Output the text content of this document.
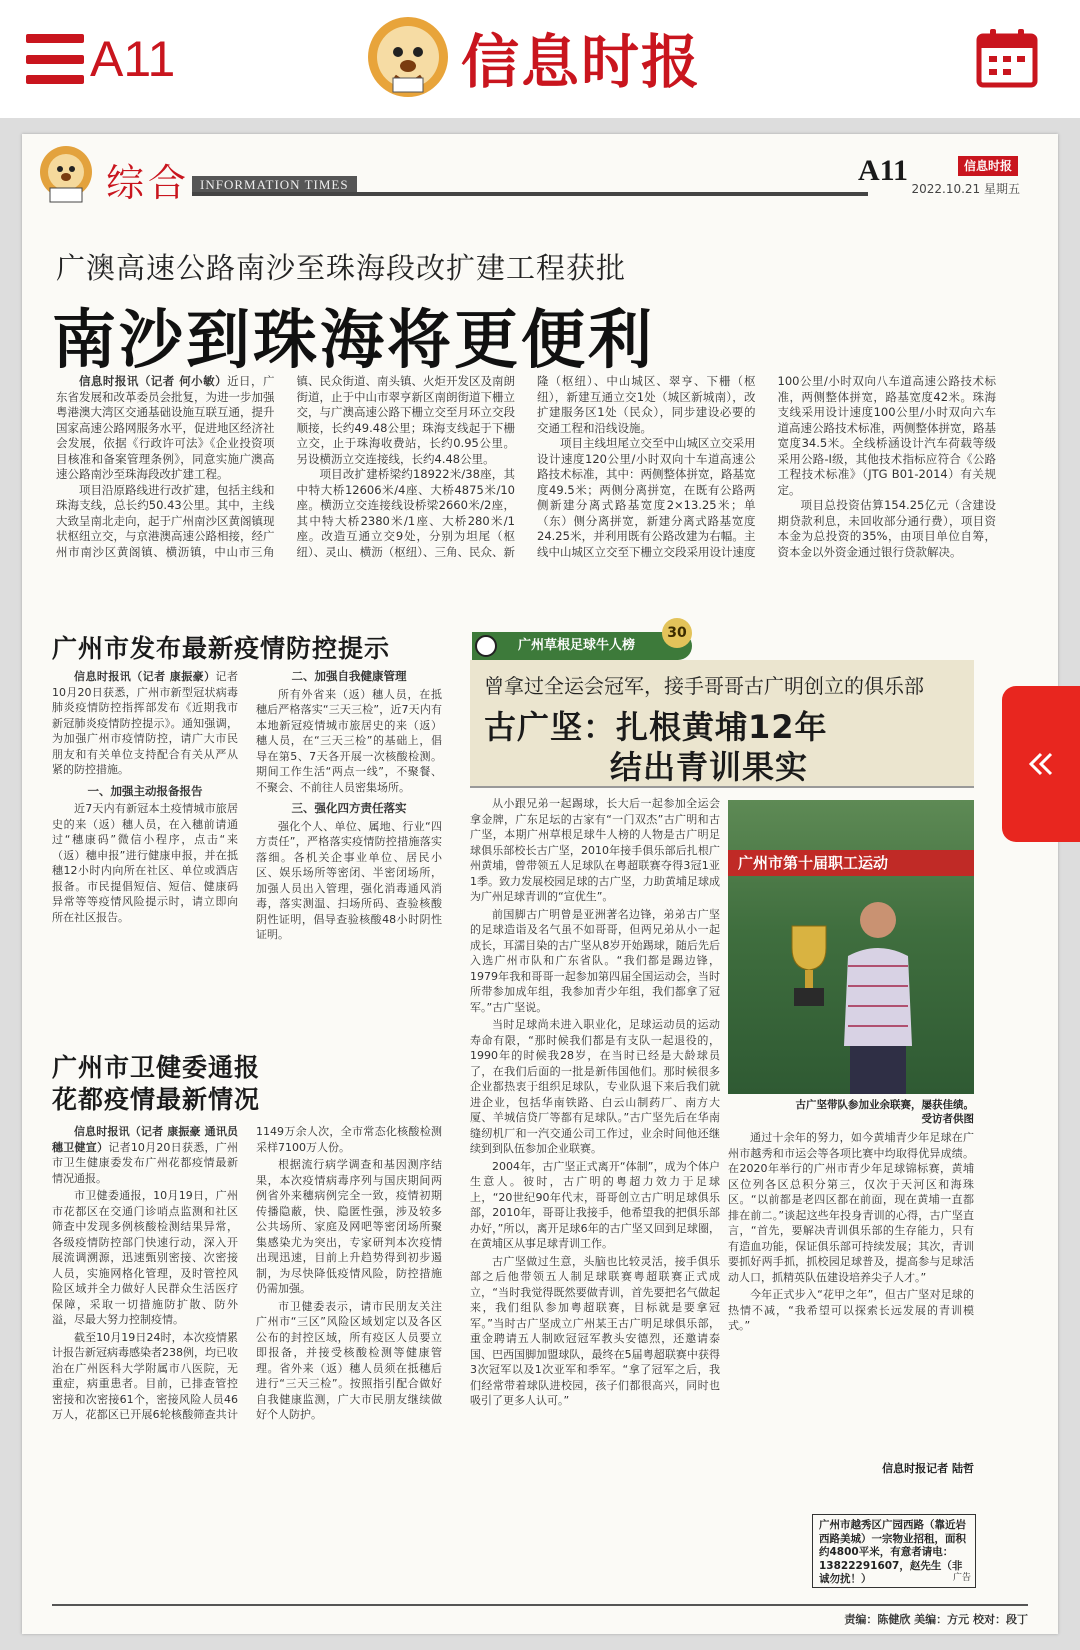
A11	信息时报
综合 INFORMATION TIMES	A11	信息时报
2022.10.21 星期五
广澳高速公路南沙至珠海段改扩建工程获批
南沙到珠海将更便利

信息时报讯（记者 何小敏）近日，广东省发展和改革委员会批复，为进一步加强粤港澳大湾区交通基础设施互联互通，提升国家高速公路网服务水平，促进地区经济社会发展，依据《行政许可法》《企业投资项目核准和备案管理条例》，同意实施广澳高速公路南沙至珠海段改扩建工程。

项目沿原路线进行改扩建，包括主线和珠海支线，总长约50.43公里。其中，主线大致呈南北走向，起于广州南沙区黄阁镇现状枢纽立交，与京港澳高速公路相接，经广州市南沙区黄阁镇、横沥镇，中山市三角镇、民众街道、南头镇、火炬开发区及南朗街道，止于中山市翠亨新区南朗街道下栅立交，与广澳高速公路下栅立交至月环立交段顺接，长约49.48公里；珠海支线起于下栅立交，止于珠海收费站，长约0.95公里。另设横沥立交连接线，长约4.48公里。

项目改扩建桥梁约18922米/38座，其中特大桥12606米/4座、大桥4875米/10座。横沥立交连接线设桥梁2660米/2座，其中特大桥2380米/1座、大桥280米/1座。改造互通立交9处，分别为坦尾（枢纽）、灵山、横沥（枢纽）、三角、民众、新隆（枢纽）、中山城区、翠亨、下栅（枢纽），新建互通立交1处（城区新城南），改扩建服务区1处（民众），同步建设必要的交通工程和沿线设施。

项目主线坦尾立交至中山城区立交采用设计速度120公里/小时双向十车道高速公路技术标准，其中：两侧整体拼宽，路基宽度49.5米；两侧分离拼宽，在既有公路两侧新建分离式路基宽度2×13.25米；单（东）侧分离拼宽，新建分离式路基宽度24.25米，并利用既有公路改建为右幅。主线中山城区立交至下栅立交段采用设计速度100公里/小时双向八车道高速公路技术标准，两侧整体拼宽，路基宽度42米。珠海支线采用设计速度100公里/小时双向六车道高速公路技术标准，两侧整体拼宽，路基宽度34.5米。全线桥涵设计汽车荷载等级采用公路-I级，其他技术指标应符合《公路工程技术标准》（JTG B01-2014）有关规定。

项目总投资估算154.25亿元（含建设期贷款利息，未回收部分通行费），项目资本金为总投资的35%，由项目单位自筹，资本金以外资金通过银行贷款解决。

广州市发布最新疫情防控提示

信息时报讯（记者 康振豪）记者10月20日获悉，广州市新型冠状病毒肺炎疫情防控指挥部发布《近期我市新冠肺炎疫情防控提示》。通知强调，为加强广州市疫情防控，请广大市民朋友和有关单位支持配合有关从严从紧的防控措施。

一、加强主动报备报告

近7天内有新冠本土疫情城市旅居史的来（返）穗人员，在入穗前请通过“穗康码”微信小程序，点击“来（返）穗申报”进行健康申报，并在抵穗12小时内向所在社区、单位或酒店报备。市民提倡短信、短信、健康码异常等等疫情风险提示时，请立即向所在社区报告。

二、加强自我健康管理

所有外省来（返）穗人员，在抵穗后严格落实“三天三检”，近7天内有本地新冠疫情城市旅居史的来（返）穗人员，在“三天三检”的基础上，倡导在第5、7天各开展一次核酸检测。期间工作生活“两点一线”，不聚餐、不聚会、不前往人员密集场所。

三、强化四方责任落实

强化个人、单位、属地、行业“四方责任”，严格落实疫情防控措施落实落细。各机关企事业单位、居民小区、娱乐场所等密闭、半密闭场所，加强人员出入管理，强化消毒通风消毒，落实测温、扫场所码、查验核酸阴性证明，倡导查验核酸48小时阴性证明。

广州市卫健委通报
花都疫情最新情况

信息时报讯（记者 康振豪 通讯员 穗卫健宣）记者10月20日获悉，广州市卫生健康委发布广州花都疫情最新情况通报。

市卫健委通报，10月19日，广州市花都区在交通门诊哨点监测和社区筛查中发现多例核酸检测结果异常，各级疫情防控部门快速行动，深入开展流调溯源，迅速甄别密接、次密接人员，实施网格化管理，及时管控风险区域并全力做好人民群众生活医疗保障，采取一切措施防扩散、防外溢，尽最大努力控制疫情。

截至10月19日24时，本次疫情累计报告新冠病毒感染者238例，均已收治在广州医科大学附属市八医院，无重症，病重患者。目前，已排查管控密接和次密接61个，密接风险人员46万人，花都区已开展6轮核酸筛查共计1149万余人次，全市常态化核酸检测采样7100万人份。

根据流行病学调查和基因测序结果，本次疫情病毒序列与国庆期间两例省外来穗病例完全一致，疫情初期传播隐蔽，快、隐匿性强，涉及较多公共场所、家庭及网吧等密闭场所聚集感染尤为突出，专家研判本次疫情出现迅速，目前上升趋势得到初步遏制，为尽快降低疫情风险，防控措施仍需加强。

市卫健委表示，请市民朋友关注广州市“三区”风险区域划定以及各区公布的封控区域，所有疫区人员要立即报备，并接受核酸检测等健康管理。省外来（返）穗人员须在抵穗后进行“三天三检”。按照指引配合做好自我健康监测，广大市民朋友继续做好个人防护。

广州草根足球牛人榜
30
曾拿过全运会冠军，接手哥哥古广明创立的俱乐部
古广坚：扎根黄埔12年
结出青训果实

从小跟兄弟一起踢球，长大后一起参加全运会拿金牌，广东足坛的古家有“一门双杰”古广明和古广坚，本期广州草根足球牛人榜的人物是古广明足球俱乐部校长古广坚，2010年接手俱乐部后扎根广州黄埔，曾带领五人足球队在粤超联赛夺得3冠1亚1季。致力发展校园足球的古广坚，力助黄埔足球成为广州足球青训的“宣优生”。

前国脚古广明曾是亚洲著名边锋，弟弟古广坚的足球造诣及名气虽不如哥哥，但两兄弟从小一起成长，耳濡目染的古广坚从8岁开始踢球，随后先后入选广州市队和广东省队。“我们都是踢边锋，1979年我和哥哥一起参加第四届全国运动会，当时所带参加成年组，我参加青少年组，我们都拿了冠军。”古广坚说。

当时足球尚未进入职业化，足球运动员的运动寿命有限，“那时候我们都是有支队一起退役的，1990年的时候我28岁，在当时已经是大龄球员了，在我们后面的一批是新伟国他们。那时候很多企业都热衷于组织足球队，专业队退下来后我们就进企业，包括华南铁路、白云山制药厂、南方大厦、羊城信贷厂等都有足球队。”古广坚先后在华南缝纫机厂和一汽交通公司工作过，业余时间他还继续到到队伍参加企业联赛。

2004年，古广坚正式离开“体制”，成为个体户生意人。彼时，古广明的粤超力效力于足球上，“20世纪90年代末，哥哥创立古广明足球俱乐部，2010年，哥哥让我接手，他希望我的把俱乐部办好，”所以，离开足球6年的古广坚又回到足球圈，在黄埔区从事足球青训工作。

古广坚做过生意，头脑也比较灵活，接手俱乐部之后他带领五人制足球联赛粤超联赛正式成立，“当时我觉得既然要做青训，首先要把名气做起来，我们组队参加粤超联赛，目标就是要拿冠军。”当时古广坚成立广州某王古广明足球俱乐部，重金聘请五人制欧冠冠军教头安德烈，还邀请泰国、巴西国脚加盟球队，最终在5届粤超联赛中获得3次冠军以及1次亚军和季军。“拿了冠军之后，我们经常带着球队进校园，孩子们都很高兴，同时也吸引了更多人认可。”

广州市第十届职工运动
古广坚带队参加业余联赛，屡获佳绩。
受访者供图

通过十余年的努力，如今黄埔青少年足球在广州市越秀和市运会等各项比赛中均取得优异成绩。在2020年举行的广州市青少年足球锦标赛，黄埔区位列各区总积分第三，仅次于天河区和海珠区。“以前都是老四区都在前面，现在黄埔一直都排在前二。”谈起这些年投身青训的心得，古广坚直言，“首先，要解决青训俱乐部的生存能力，只有有造血功能，保证俱乐部可持续发展；其次，青训要抓好两手抓，抓校园足球普及，提高参与足球活动人口，抓精英队伍建设培养尖子人才。”

今年正式步入“花甲之年”，但古广坚对足球的热情不减，“我希望可以探索长远发展的青训模式。”

信息时报记者 陆哲
广州市越秀区广园西路（靠近岩西路美城）一宗物业招租，面积约4800平米，有意者请电：13822291607，赵先生（非诚勿扰！）	广告
责编：陈健欣 美编：方元 校对：段丁
